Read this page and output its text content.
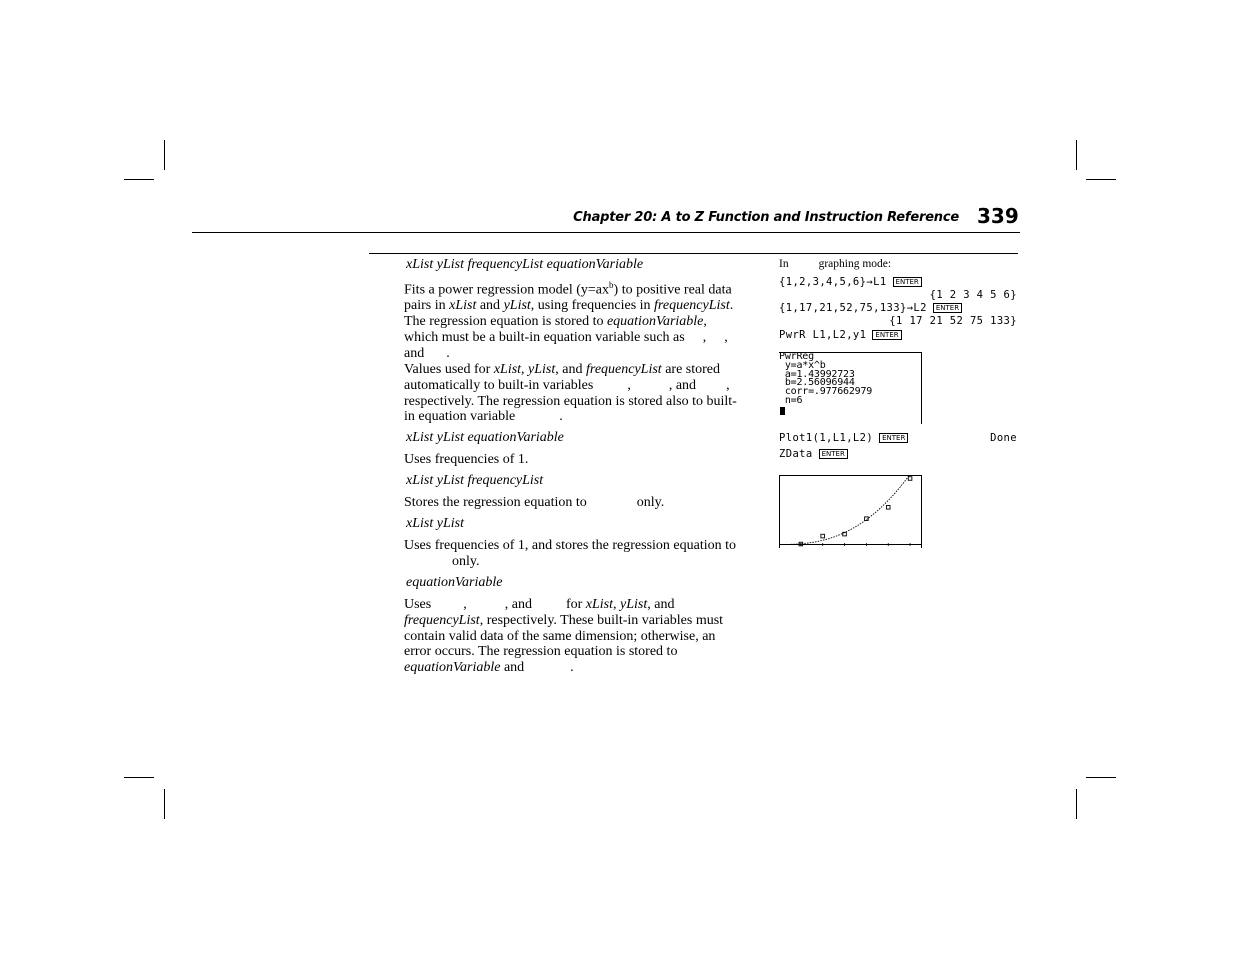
Chapter 20: A to Z Function and Instruction Reference 339
xList yList frequencyList equationVariable
Fits a power regression model $(y=ax^b)$ to positive real data pairs in xList and yList, using frequencies in frequencyList. The regression equation is stored to equationVariable, which must be a built-in equation variable such as , , and .
Values used for xList, yList, and frequencyList are stored automatically to built-in variables ,	, and , respectively. The regression equation is stored also to built-in equation variable	.
xList yList equationVariable
Uses frequencies of 1.
xList yList frequencyList
Stores the regression equation to	only.
xList yList
Uses frequencies of 1, and stores the regression equation toonly.
equationVariable
Uses ,	, and for xList, yList, and frequencyList, respectively. These built-in variables must contain valid data of the same dimension; otherwise, an error occurs. The regression equation is stored to equationVariable and	.
In	graphing mode:
{1,2,3,4,5,6}→L1 ENTER
{1 2 3 4 5 6}
{1,17,21,52,75,133}→L2 ENTER
{1 17 21 52 75 133}
PwrR L1,L2,y1 ENTER
PwrReg
y=a*x^b
a=1.43992723
b=2.56096944
corr=.977662979
n=6
Plot1(1,L1,L2) ENTER	Done
ZData ENTER
